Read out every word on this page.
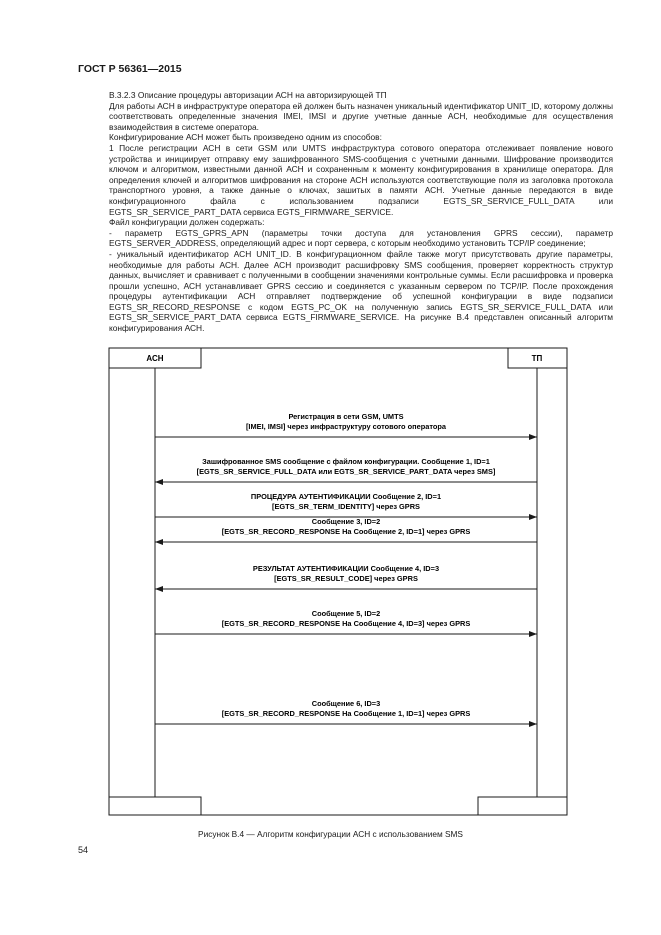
ГОСТ Р 56361—2015

В.3.2.3 Описание процедуры авторизации АСН на авторизирующей ТП

Для работы АСН в инфраструктуре оператора ей должен быть назначен уникальный идентификатор UNIT_ID, которому должны соответствовать определенные значения IMEI, IMSI и другие учетные данные АСН, необходимые для осуществления взаимодействия в системе оператора.

Конфигурирование АСН может быть произведено одним из способов:

1 После регистрации АСН в сети GSM или UMTS инфраструктура сотового оператора отслеживает появление нового устройства и инициирует отправку ему зашифрованного SMS-сообщения с учетными данными. Шифрование производится ключом и алгоритмом, известными данной АСН и сохраненным к моменту конфигурирования в хранилище оператора. Для определения ключей и алгоритмов шифрования на стороне АСН используются соответствующие поля из заголовка протокола транспортного уровня, а также данные о ключах, зашитых в памяти АСН. Учетные данные передаются в виде конфигурационного файла с использованием подзаписи EGTS_SR_SERVICE_FULL_DATA или EGTS_SR_SERVICE_PART_DATA сервиса EGTS_FIRMWARE_SERVICE.

Файл конфигурации должен содержать:

- параметр EGTS_GPRS_APN (параметры точки доступа для установления GPRS сессии), параметр EGTS_SERVER_ADDRESS, определяющий адрес и порт сервера, с которым необходимо установить TCP/IP соединение;

- уникальный идентификатор АСН UNIT_ID. В конфигурационном файле также могут присутствовать другие параметры, необходимые для работы АСН. Далее АСН производит расшифровку SMS сообщения, проверяет корректность структур данных, вычисляет и сравнивает с полученными в сообщении значениями контрольные суммы. Если расшифровка и проверка прошли успешно, АСН устанавливает GPRS сессию и соединяется с указанным сервером по TCP/IP. После прохождения процедуры аутентификации АСН отправляет подтверждение об успешной конфигурации в виде подзаписи EGTS_SR_RECORD_RESPONSE с кодом EGTS_PC_OK на полученную запись EGTS_SR_SERVICE_FULL_DATA или EGTS_SR_SERVICE_PART_DATA сервиса EGTS_FIRMWARE_SERVICE. На рисунке В.4 представлен описанный алгоритм конфигурирования АСН.

АСН	ТП
Регистрация в сети GSM, UMTS
[IMEI, IMSI] через инфраструктуру сотового оператора
Зашифрованное SMS сообщение с файлом конфигурации. Сообщение 1, ID=1
[EGTS_SR_SERVICE_FULL_DATA или EGTS_SR_SERVICE_PART_DATA через SMS]
ПРОЦЕДУРА АУТЕНТИФИКАЦИИ Сообщение 2, ID=1
[EGTS_SR_TERM_IDENTITY] через GPRS
Сообщение 3, ID=2
[EGTS_SR_RECORD_RESPONSE На Сообщение 2, ID=1] через GPRS
РЕЗУЛЬТАТ АУТЕНТИФИКАЦИИ Сообщение 4, ID=3
[EGTS_SR_RESULT_CODE] через GPRS
Сообщение 5, ID=2
[EGTS_SR_RECORD_RESPONSE На Сообщение 4, ID=3] через GPRS
Сообщение 6, ID=3
[EGTS_SR_RECORD_RESPONSE На Сообщение 1, ID=1] через GPRS
Рисунок В.4 — Алгоритм конфигурации АСН с использованием SMS
54
